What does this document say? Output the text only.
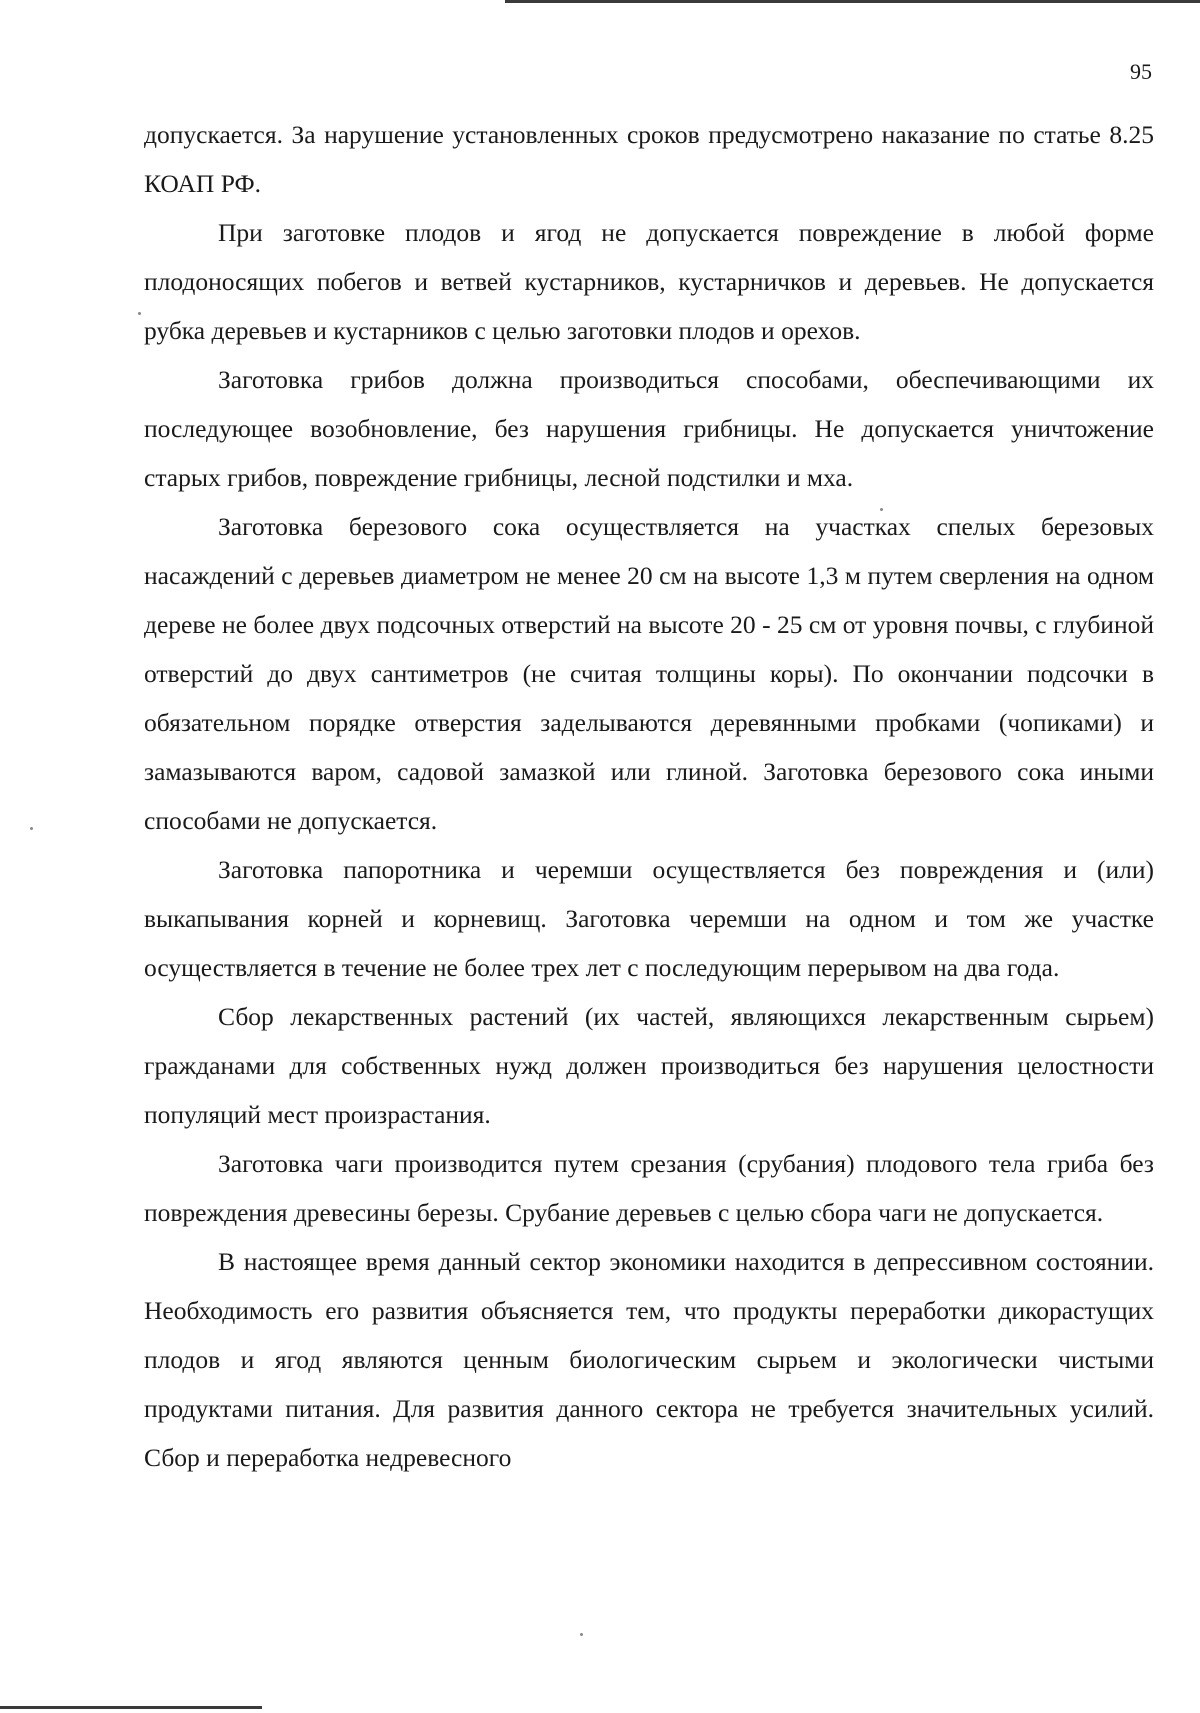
95

допускается. За нарушение установленных сроков предусмотрено наказание по статье 8.25 КОАП РФ.

При заготовке плодов и ягод не допускается повреждение в любой форме плодоносящих побегов и ветвей кустарников, кустарничков и деревьев. Не допускается рубка деревьев и кустарников с целью заготовки плодов и орехов.

Заготовка грибов должна производиться способами, обеспечивающими их последующее возобновление, без нарушения грибницы. Не допускается уничтожение старых грибов, повреждение грибницы, лесной подстилки и мха.

Заготовка березового сока осуществляется на участках спелых березовых насаждений с деревьев диаметром не менее 20 см на высоте 1,3 м путем сверления на одном дереве не более двух подсочных отверстий на высоте 20 - 25 см от уровня почвы, с глубиной отверстий до двух сантиметров (не считая толщины коры). По окончании подсочки в обязательном порядке отверстия заделываются деревянными пробками (чопиками) и замазываются варом, садовой замазкой или глиной. Заготовка березового сока иными способами не допускается.

Заготовка папоротника и черемши осуществляется без повреждения и (или) выкапывания корней и корневищ. Заготовка черемши на одном и том же участке осуществляется в течение не более трех лет с последующим перерывом на два года.

Сбор лекарственных растений (их частей, являющихся лекарственным сырьем) гражданами для собственных нужд должен производиться без нарушения целостности популяций мест произрастания.

Заготовка чаги производится путем срезания (срубания) плодового тела гриба без повреждения древесины березы. Срубание деревьев с целью сбора чаги не допускается.

В настоящее время данный сектор экономики находится в депрессивном состоянии. Необходимость его развития объясняется тем, что продукты переработки дикорастущих плодов и ягод являются ценным биологическим сырьем и экологически чистыми продуктами питания. Для развития данного сектора не требуется значительных усилий. Сбор и переработка недревесного
